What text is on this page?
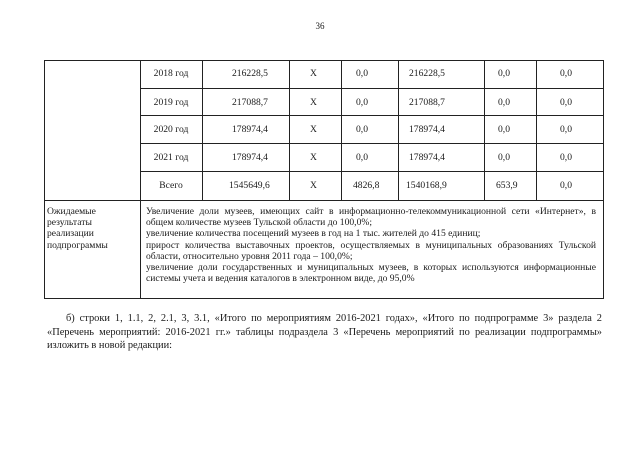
36
2018 год	216228,5	X	0,0	216228,5	0,0	0,0
2019 год	217088,7	X	0,0	217088,7	0,0	0,0
2020 год	178974,4	X	0,0	178974,4	0,0	0,0
2021 год	178974,4	X	0,0	178974,4	0,0	0,0
Всего	1545649,6	X	4826,8	1540168,9	653,9	0,0
Ожидаемые результаты реализации подпрограммы

Увеличение доли музеев, имеющих сайт в информационно-телекоммуникационной сети «Интернет», в общем количестве музеев Тульской области до 100,0%;

увеличение количества посещений музеев в год на 1 тыс. жителей до 415 единиц;

прирост количества выставочных проектов, осуществляемых в муниципальных образованиях Тульской области, относительно уровня 2011 года – 100,0%;

увеличение доли государственных и муниципальных музеев, в которых используются информационные системы учета и ведения каталогов в электронном виде, до 95,0%

б) строки 1, 1.1, 2, 2.1, 3, 3.1, «Итого по мероприятиям 2016-2021 годах», «Итого по подпрограмме 3» раздела 2 «Перечень мероприятий: 2016-2021 гг.» таблицы подраздела 3 «Перечень мероприятий по реализации подпрограммы» изложить в новой редакции:
